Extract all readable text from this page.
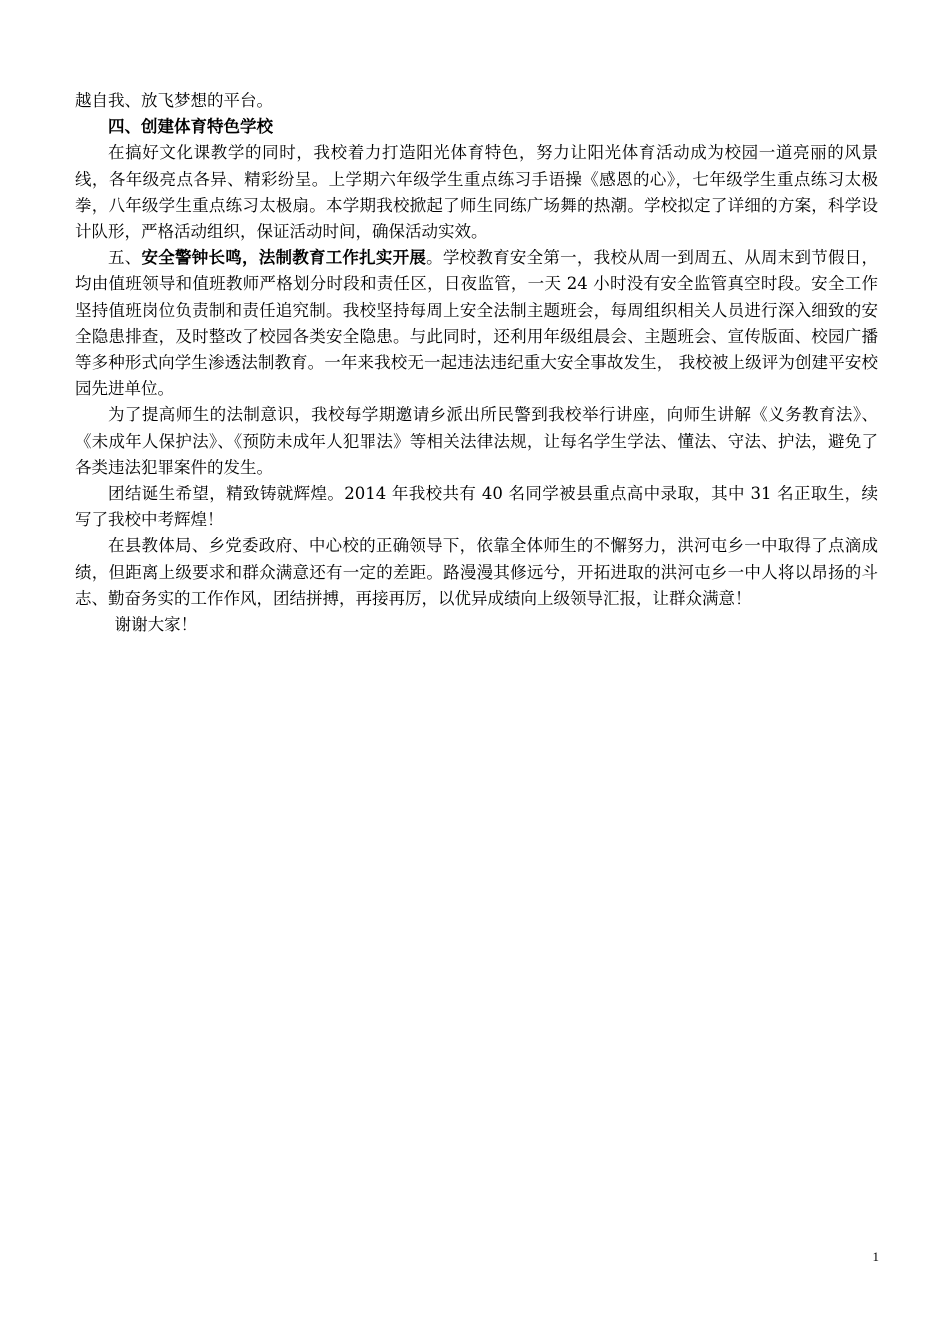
越自我、放飞梦想的平台。

四、创建体育特色学校

在搞好文化课教学的同时，我校着力打造阳光体育特色，努力让阳光体育活动成为校园一道亮丽的风景线，各年级亮点各异、精彩纷呈。上学期六年级学生重点练习手语操《感恩的心》，七年级学生重点练习太极拳，八年级学生重点练习太极扇。本学期我校掀起了师生同练广场舞的热潮。学校拟定了详细的方案，科学设计队形，严格活动组织，保证活动时间，确保活动实效。

五、安全警钟长鸣，法制教育工作扎实开展。学校教育安全第一，我校从周一到周五、从周末到节假日，均由值班领导和值班教师严格划分时段和责任区，日夜监管，一天 24 小时没有安全监管真空时段。安全工作坚持值班岗位负责制和责任追究制。我校坚持每周上安全法制主题班会，每周组织相关人员进行深入细致的安全隐患排查，及时整改了校园各类安全隐患。与此同时，还利用年级组晨会、主题班会、宣传版面、校园广播等多种形式向学生渗透法制教育。一年来我校无一起违法违纪重大安全事故发生， 我校被上级评为创建平安校园先进单位。

为了提高师生的法制意识，我校每学期邀请乡派出所民警到我校举行讲座，向师生讲解《义务教育法》、《未成年人保护法》、《预防未成年人犯罪法》等相关法律法规，让每名学生学法、懂法、守法、护法，避免了各类违法犯罪案件的发生。

团结诞生希望，精致铸就辉煌。2014 年我校共有 40 名同学被县重点高中录取，其中 31 名正取生，续写了我校中考辉煌！

在县教体局、乡党委政府、中心校的正确领导下，依靠全体师生的不懈努力，洪河屯乡一中取得了点滴成绩，但距离上级要求和群众满意还有一定的差距。路漫漫其修远兮，开拓进取的洪河屯乡一中人将以昂扬的斗志、勤奋务实的工作作风，团结拼搏，再接再厉，以优异成绩向上级领导汇报，让群众满意！

谢谢大家！

1
